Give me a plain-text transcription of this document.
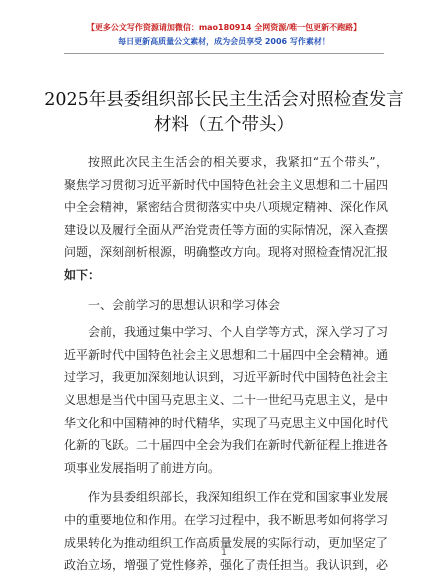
【更多公文写作资源请加微信：mao180914 全网资源/唯一包更新不跑路】
每日更新高质量公文素材，成为会员享受 2006 写作素材！
2025年县委组织部长民主生活会对照检查发言
材料（五个带头）

按照此次民主生活会的相关要求，我紧扣“五个带头”，聚焦学习贯彻习近平新时代中国特色社会主义思想和二十届四中全会精神，紧密结合贯彻落实中央八项规定精神、深化作风建设以及履行全面从严治党责任等方面的实际情况，深入查摆问题，深刻剖析根源，明确整改方向。现将对照检查情况汇报如下：

一、会前学习的思想认识和学习体会

会前，我通过集中学习、个人自学等方式，深入学习了习近平新时代中国特色社会主义思想和二十届四中全会精神。通过学习，我更加深刻地认识到，习近平新时代中国特色社会主义思想是当代中国马克思主义、二十一世纪马克思主义，是中华文化和中国精神的时代精华，实现了马克思主义中国化时代化新的飞跃。二十届四中全会为我们在新时代新征程上推进各项事业发展指明了前进方向。

作为县委组织部长，我深知组织工作在党和国家事业发展中的重要地位和作用。在学习过程中，我不断思考如何将学习成果转化为推动组织工作高质量发展的实际行动，更加坚定了政治立场，增强了党性修养，强化了责任担当。我认识到，必

1
